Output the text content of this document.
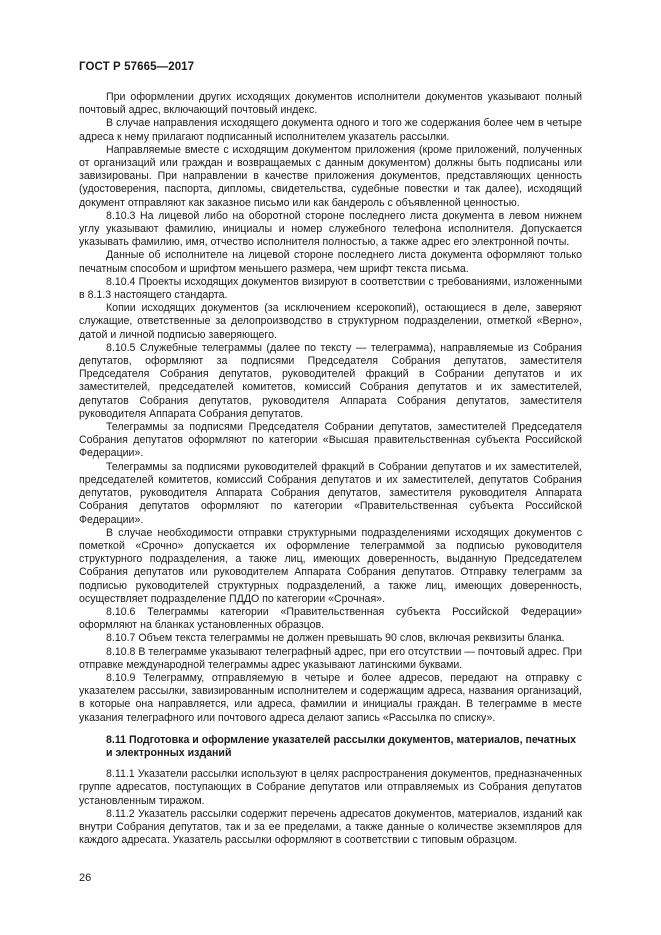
ГОСТ Р 57665—2017

При оформлении других исходящих документов исполнители документов указывают полный почтовый адрес, включающий почтовый индекс.

В случае направления исходящего документа одного и того же содержания более чем в четыре адреса к нему прилагают подписанный исполнителем указатель рассылки.

Направляемые вместе с исходящим документом приложения (кроме приложений, полученных от организаций или граждан и возвращаемых с данным документом) должны быть подписаны или завизированы. При направлении в качестве приложения документов, представляющих ценность (удостоверения, паспорта, дипломы, свидетельства, судебные повестки и так далее), исходящий документ отправляют как заказное письмо или как бандероль с объявленной ценностью.

8.10.3 На лицевой либо на оборотной стороне последнего листа документа в левом нижнем углу указывают фамилию, инициалы и номер служебного телефона исполнителя. Допускается указывать фамилию, имя, отчество исполнителя полностью, а также адрес его электронной почты.

Данные об исполнителе на лицевой стороне последнего листа документа оформляют только печатным способом и шрифтом меньшего размера, чем шрифт текста письма.

8.10.4 Проекты исходящих документов визируют в соответствии с требованиями, изложенными в 8.1.3 настоящего стандарта.

Копии исходящих документов (за исключением ксерокопий), остающиеся в деле, заверяют служащие, ответственные за делопроизводство в структурном подразделении, отметкой «Верно», датой и личной подписью заверяющего.

8.10.5 Служебные телеграммы (далее по тексту — телеграмма), направляемые из Собрания депутатов, оформляют за подписями Председателя Собрания депутатов, заместителя Председателя Собрания депутатов, руководителей фракций в Собрании депутатов и их заместителей, председателей комитетов, комиссий Собрания депутатов и их заместителей, депутатов Собрания депутатов, руководителя Аппарата Собрания депутатов, заместителя руководителя Аппарата Собрания депутатов.

Телеграммы за подписями Председателя Собрании депутатов, заместителей Председателя Собрания депутатов оформляют по категории «Высшая правительственная субъекта Российской Федерации».

Телеграммы за подписями руководителей фракций в Собрании депутатов и их заместителей, председателей комитетов, комиссий Собрания депутатов и их заместителей, депутатов Собрания депутатов, руководителя Аппарата Собрания депутатов, заместителя руководителя Аппарата Собрания депутатов оформляют по категории «Правительственная субъекта Российской Федерации».

В случае необходимости отправки структурными подразделениями исходящих документов с пометкой «Срочно» допускается их оформление телеграммой за подписью руководителя структурного подразделения, а также лиц, имеющих доверенность, выданную Председателем Собрания депутатов или руководителем Аппарата Собрания депутатов. Отправку телеграмм за подписью руководителей структурных подразделений, а также лиц, имеющих доверенность, осуществляет подразделение ПДДО по категории «Срочная».

8.10.6 Телеграммы категории «Правительственная субъекта Российской Федерации» оформляют на бланках установленных образцов.

8.10.7 Объем текста телеграммы не должен превышать 90 слов, включая реквизиты бланка.

8.10.8 В телеграмме указывают телеграфный адрес, при его отсутствии — почтовый адрес. При отправке международной телеграммы адрес указывают латинскими буквами.

8.10.9 Телеграмму, отправляемую в четыре и более адресов, передают на отправку с указателем рассылки, завизированным исполнителем и содержащим адреса, названия организаций, в которые она направляется, или адреса, фамилии и инициалы граждан. В телеграмме в месте указания телеграфного или почтового адреса делают запись «Рассылка по списку».

8.11 Подготовка и оформление указателей рассылки документов, материалов, печатных и электронных изданий

8.11.1 Указатели рассылки используют в целях распространения документов, предназначенных группе адресатов, поступающих в Собрание депутатов или отправляемых из Собрания депутатов установленным тиражом.

8.11.2 Указатель рассылки содержит перечень адресатов документов, материалов, изданий как внутри Собрания депутатов, так и за ее пределами, а также данные о количестве экземпляров для каждого адресата. Указатель рассылки оформляют в соответствии с типовым образцом.

26
